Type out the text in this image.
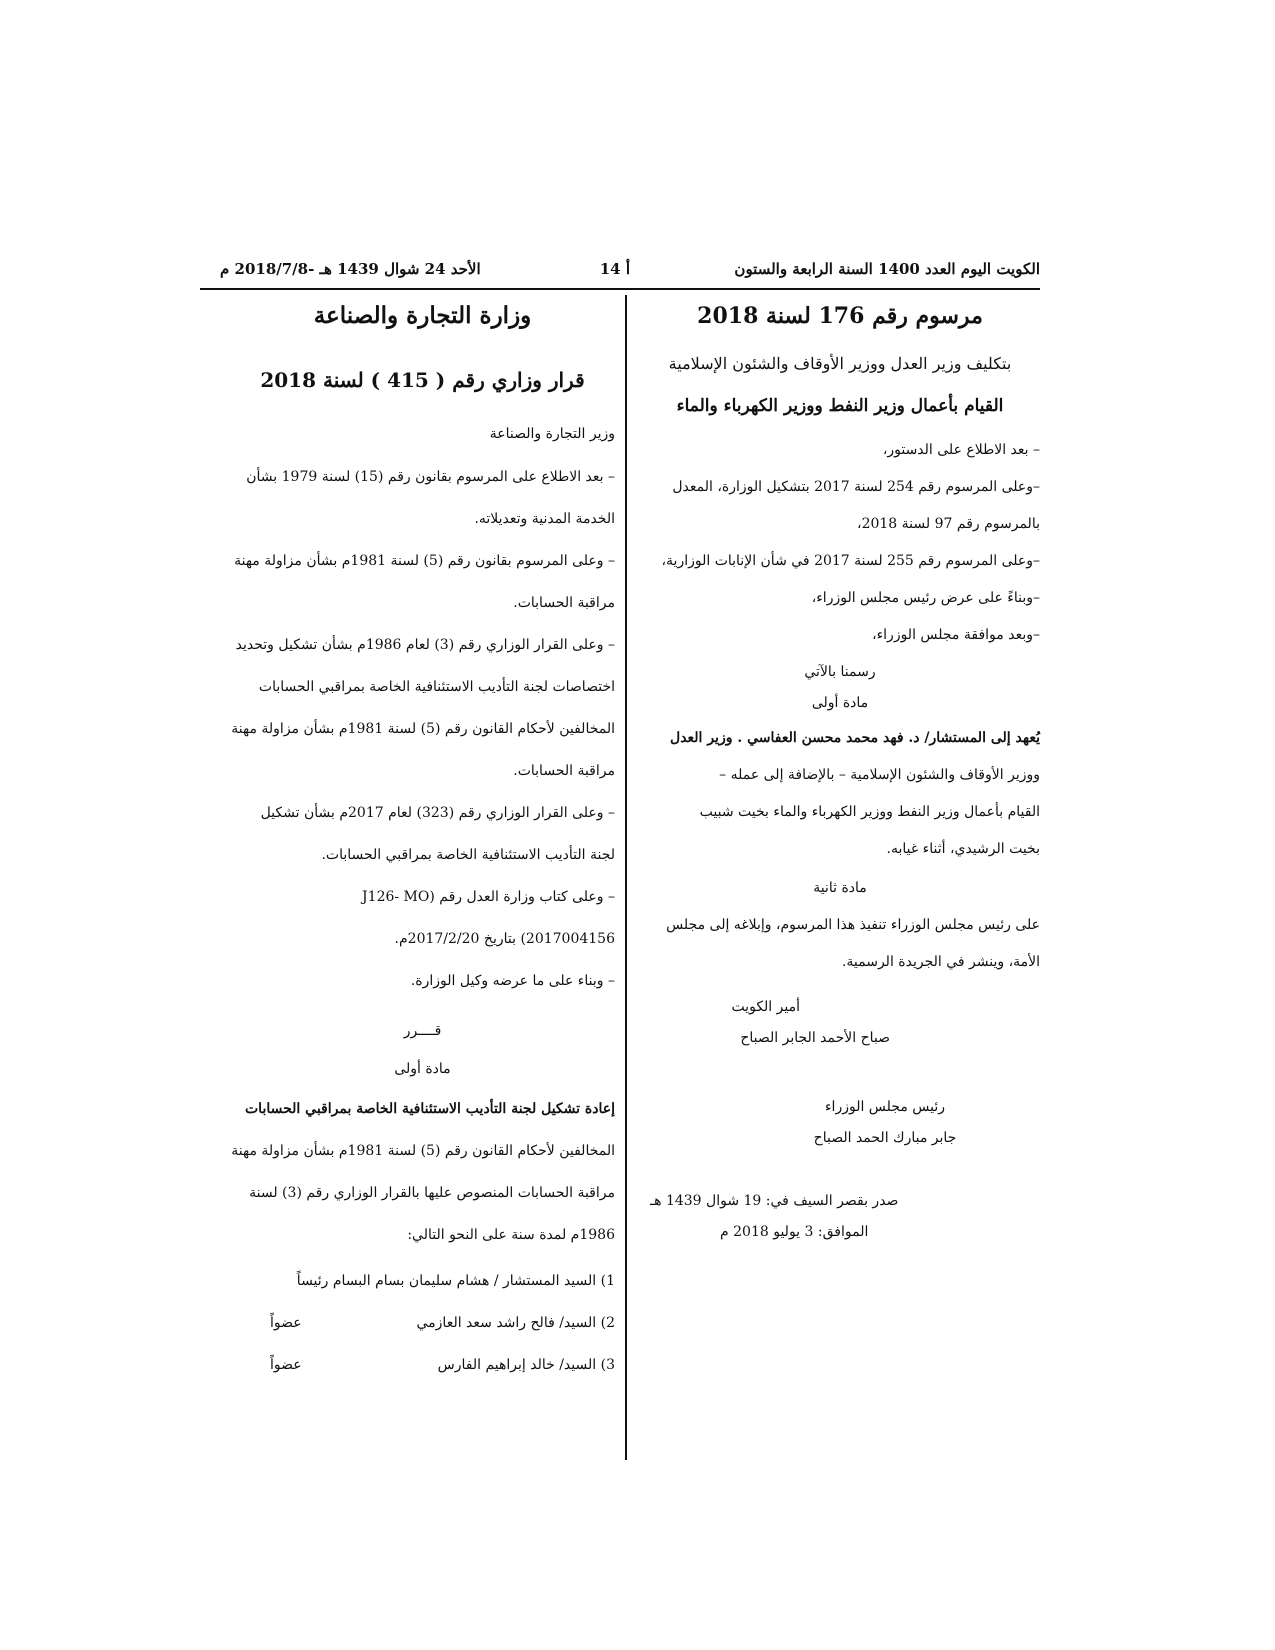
الكويت اليوم العدد 1400 السنة الرابعة والستون
أ 14
الأحد 24 شوال 1439 هـ -2018/7/8 م

مرسوم رقم 176 لسنة 2018

بتكليف وزير العدل ووزير الأوقاف والشئون الإسلامية

القيام بأعمال وزير النفط ووزير الكهرباء والماء

– بعد الاطلاع على الدستور،

–وعلى المرسوم رقم 254 لسنة 2017 بتشكيل الوزارة، المعدل

بالمرسوم رقم 97 لسنة 2018،

–وعلى المرسوم رقم 255 لسنة 2017 في شأن الإنابات الوزارية،

–وبناءً على عرض رئيس مجلس الوزراء،

–وبعد موافقة مجلس الوزراء،

رسمنا بالآتي

مادة أولى

يُعهد إلى المستشار/ د. فهد محمد محسن العفاسي . وزير العدل

ووزير الأوقاف والشئون الإسلامية – بالإضافة إلى عمله –

القيام بأعمال وزير النفط ووزير الكهرباء والماء بخيت شبيب

بخيت الرشيدي، أثناء غيابه.

مادة ثانية

على رئيس مجلس الوزراء تنفيذ هذا المرسوم، وإبلاغه إلى مجلس

الأمة، وينشر في الجريدة الرسمية.

أمير الكويت

صباح الأحمد الجابر الصباح

رئيس مجلس الوزراء

جابر مبارك الحمد الصباح

صدر بقصر السيف في: 19 شوال 1439 هـ

الموافق: 3 يوليو 2018 م

وزارة التجارة والصناعة

قرار وزاري رقم ( 415 ) لسنة 2018

وزير التجارة والصناعة

– بعد الاطلاع على المرسوم بقانون رقم (15) لسنة 1979 بشأن

الخدمة المدنية وتعديلاته.

– وعلى المرسوم بقانون رقم (5) لسنة 1981م بشأن مزاولة مهنة

مراقبة الحسابات.

– وعلى القرار الوزاري رقم (3) لعام 1986م بشأن تشكيل وتحديد

اختصاصات لجنة التأديب الاستئنافية الخاصة بمراقبي الحسابات

المخالفين لأحكام القانون رقم (5) لسنة 1981م بشأن مزاولة مهنة

مراقبة الحسابات.

– وعلى القرار الوزاري رقم (323) لعام 2017م بشأن تشكيل

لجنة التأديب الاستئنافية الخاصة بمراقبي الحسابات.

– وعلى كتاب وزارة العدل رقم (J126- MO

2017004156) بتاريخ 2017/2/20م.

– وبناء على ما عرضه وكيل الوزارة.

قــــرر

مادة أولى

إعادة تشكيل لجنة التأديب الاستئنافية الخاصة بمراقبي الحسابات

المخالفين لأحكام القانون رقم (5) لسنة 1981م بشأن مزاولة مهنة

مراقبة الحسابات المنصوص عليها بالقرار الوزاري رقم (3) لسنة

1986م لمدة سنة على النحو التالي:

1) السيد المستشار / هشام سليمان بسام البسام رئيساً
2) السيد/ فالح راشد سعد العازمي
عضواً
3) السيد/ خالد إبراهيم الفارس
عضواً
